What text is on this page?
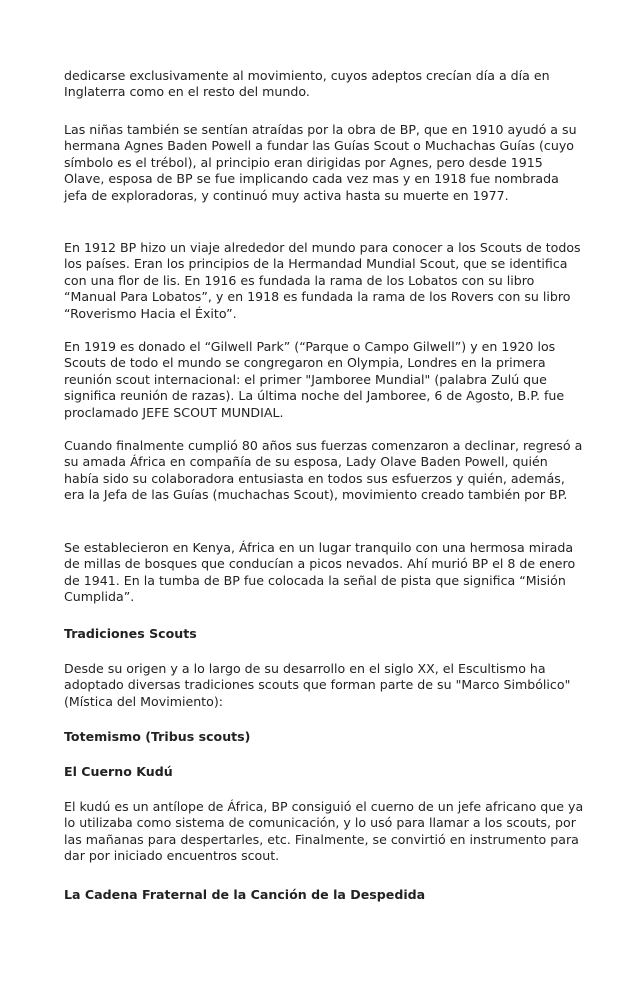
dedicarse exclusivamente al movimiento, cuyos adeptos crecían día a día en Inglaterra como en el resto del mundo.

Las niñas también se sentían atraídas por la obra de BP, que en 1910 ayudó a su hermana Agnes Baden Powell a fundar las Guías Scout o Muchachas Guías (cuyo símbolo es el trébol), al principio eran dirigidas por Agnes, pero desde 1915 Olave, esposa de BP se fue implicando cada vez mas y en 1918 fue nombrada jefa de exploradoras, y continuó muy activa hasta su muerte en 1977.

En 1912 BP hizo un viaje alrededor del mundo para conocer a los Scouts de todos los países. Eran los principios de la Hermandad Mundial Scout, que se identifica con una flor de lis. En 1916 es fundada la rama de los Lobatos con su libro “Manual Para Lobatos”, y en 1918 es fundada la rama de los Rovers con su libro “Roverismo Hacia el Éxito”.

En 1919 es donado el “Gilwell Park” (“Parque o Campo Gilwell”) y en 1920 los Scouts de todo el mundo se congregaron en Olympia, Londres en la primera reunión scout internacional: el primer "Jamboree Mundial" (palabra Zulú que significa reunión de razas). La última noche del Jamboree, 6 de Agosto, B.P. fue proclamado JEFE SCOUT MUNDIAL.

Cuando finalmente cumplió 80 años sus fuerzas comenzaron a declinar, regresó a su amada África en compañía de su esposa, Lady Olave Baden Powell, quién había sido su colaboradora entusiasta en todos sus esfuerzos y quién, además, era la Jefa de las Guías (muchachas Scout), movimiento creado también por BP.

Se establecieron en Kenya, África en un lugar tranquilo con una hermosa mirada de millas de bosques que conducían a picos nevados. Ahí murió BP el 8 de enero de 1941. En la tumba de BP fue colocada la señal de pista que significa “Misión Cumplida”.

Tradiciones Scouts

Desde su origen y a lo largo de su desarrollo en el siglo XX, el Escultismo ha adoptado diversas tradiciones scouts que forman parte de su "Marco Simbólico" (Mística del Movimiento):

Totemismo (Tribus scouts)

El Cuerno Kudú

El kudú es un antílope de África, BP consiguió el cuerno de un jefe africano que ya lo utilizaba como sistema de comunicación, y lo usó para llamar a los scouts, por las mañanas para despertarles, etc. Finalmente, se convirtió en instrumento para dar por iniciado encuentros scout.

La Cadena Fraternal de la Canción de la Despedida
